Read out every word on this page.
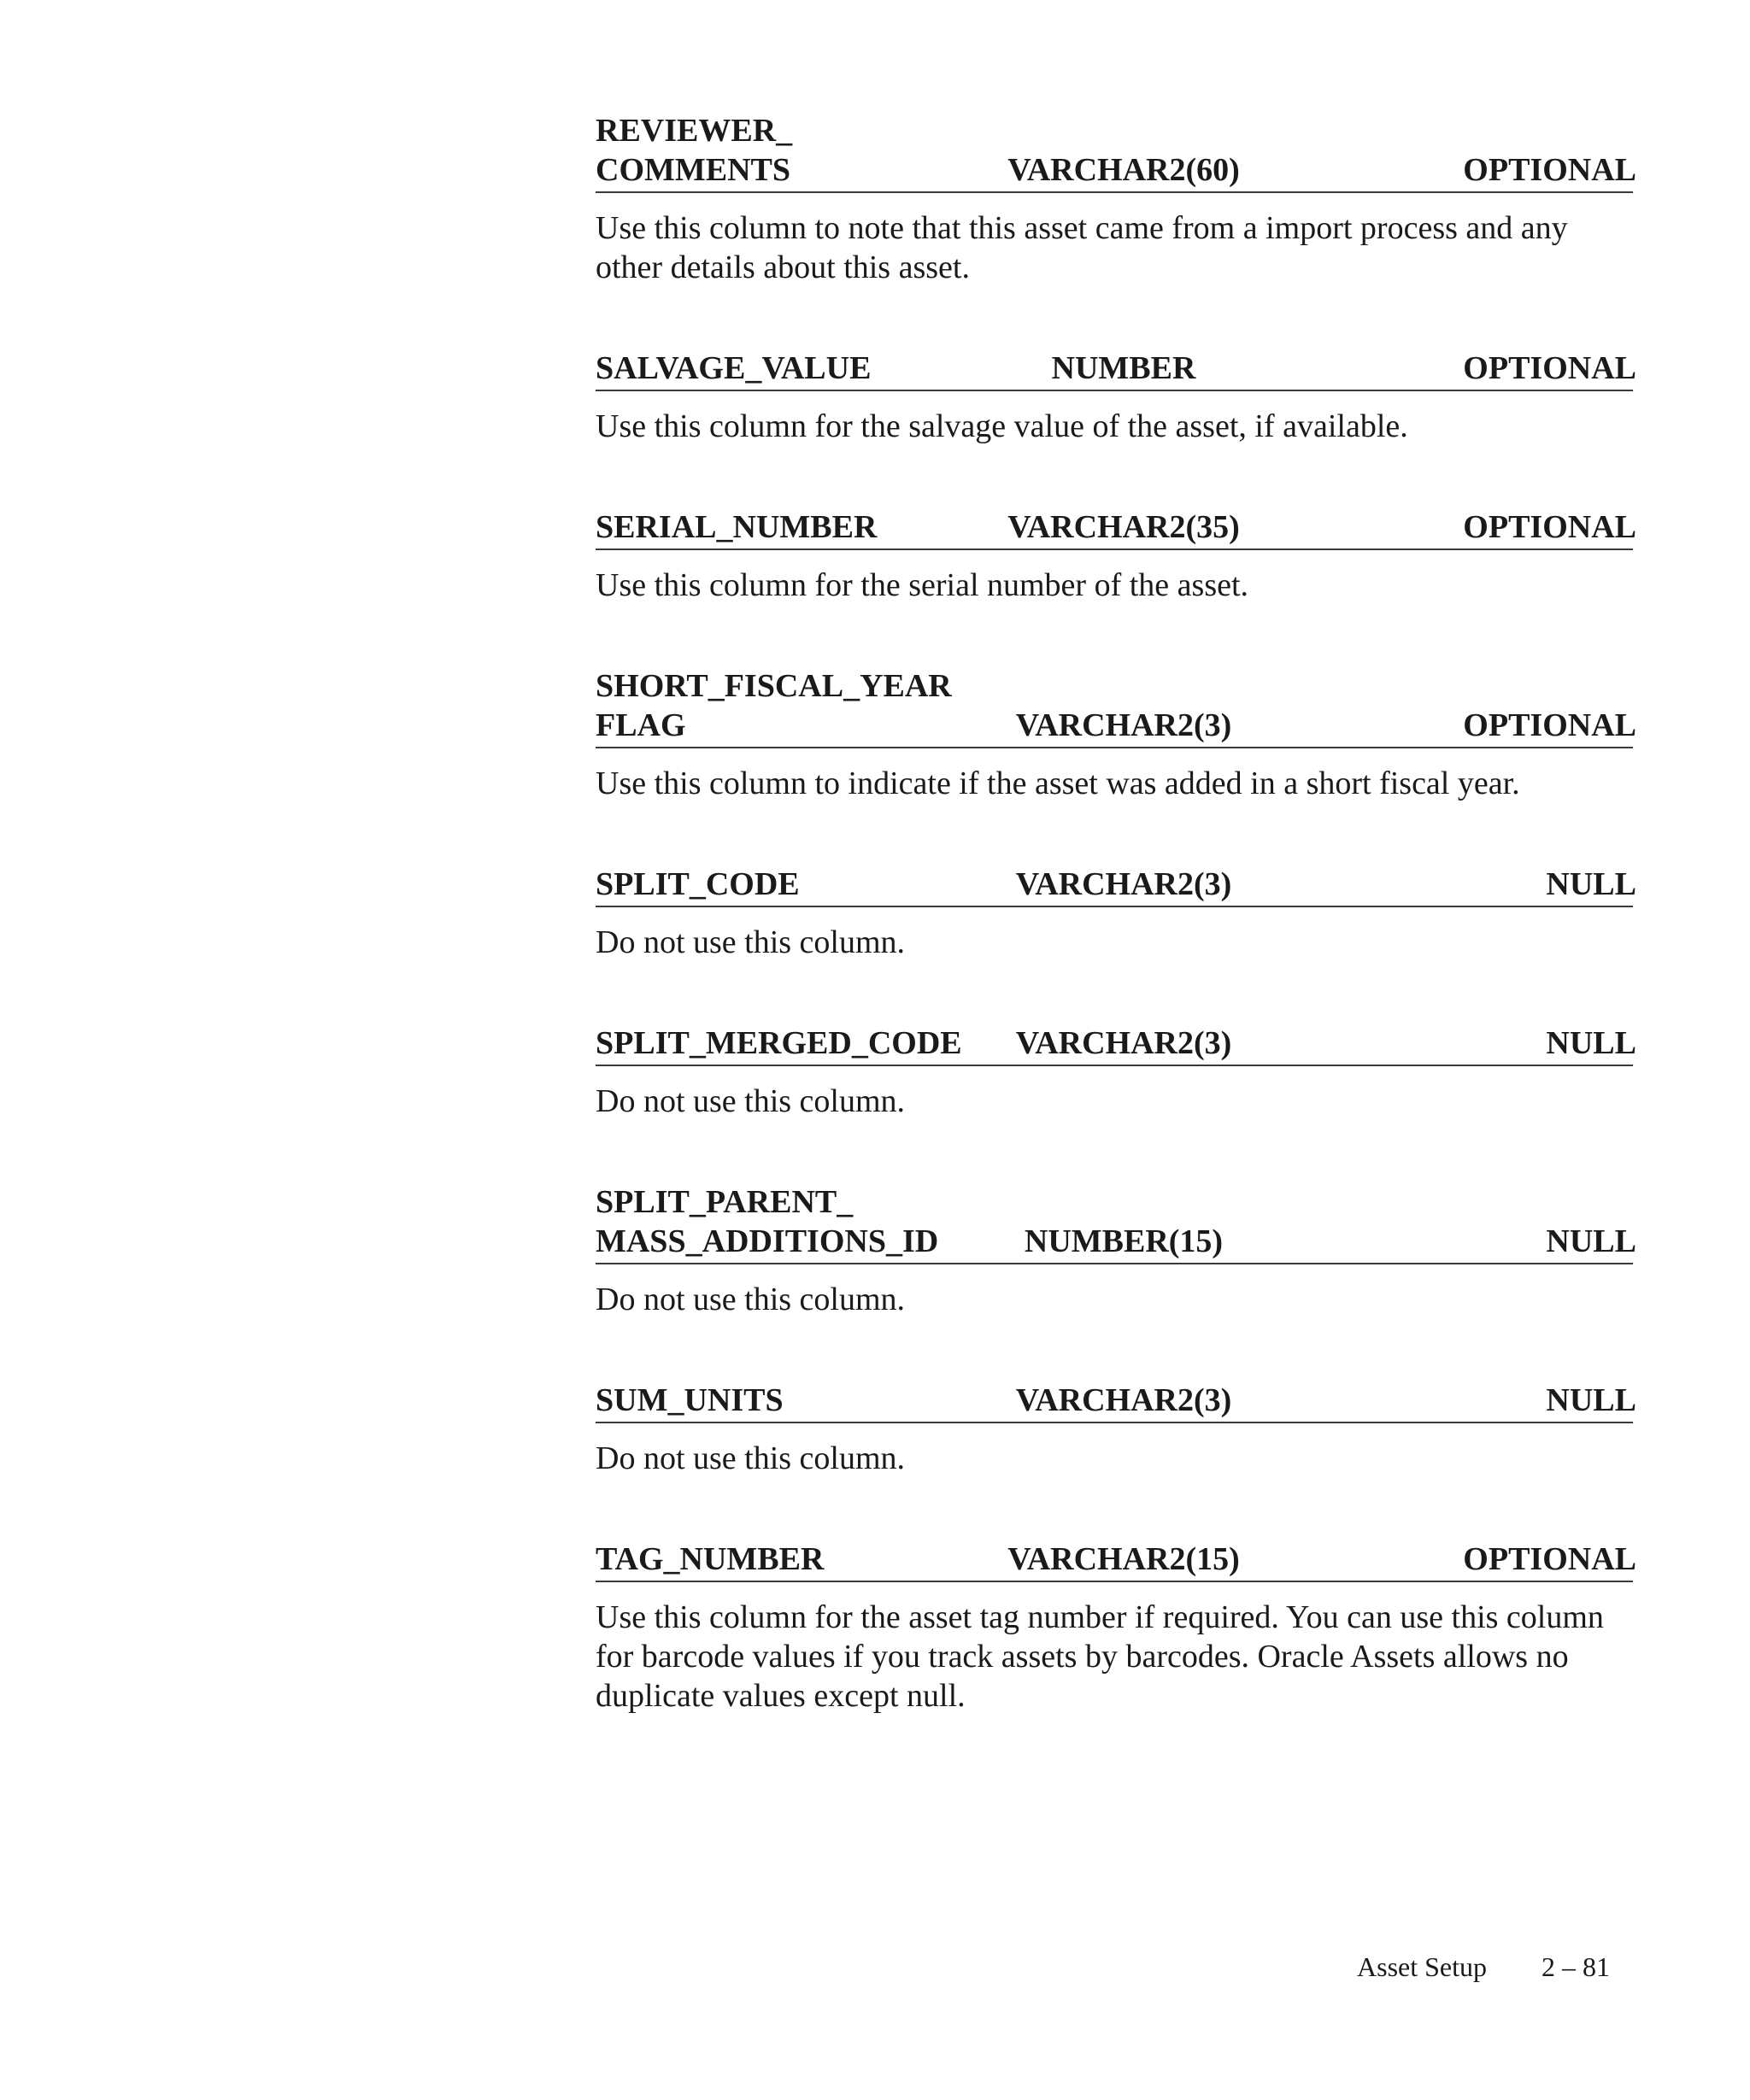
REVIEWER_
COMMENTS	VARCHAR2(60)	OPTIONAL
Use this column to note that this asset came from a import process and any other details about this asset.
SALVAGE_VALUE	NUMBER	OPTIONAL
Use this column for the salvage value of the asset, if available.
SERIAL_NUMBER	VARCHAR2(35)	OPTIONAL
Use this column for the serial number of the asset.
SHORT_FISCAL_YEAR
FLAG	VARCHAR2(3)	OPTIONAL
Use this column to indicate if the asset was added in a short fiscal year.
SPLIT_CODE	VARCHAR2(3)	NULL
Do not use this column.
SPLIT_MERGED_CODE	VARCHAR2(3)	NULL
Do not use this column.
SPLIT_PARENT_
MASS_ADDITIONS_ID	NUMBER(15)	NULL
Do not use this column.
SUM_UNITS	VARCHAR2(3)	NULL
Do not use this column.
TAG_NUMBER	VARCHAR2(15)	OPTIONAL
Use this column for the asset tag number if required. You can use this column for barcode values if you track assets by barcodes. Oracle Assets allows no duplicate values except null.
Asset Setup 2 – 81
